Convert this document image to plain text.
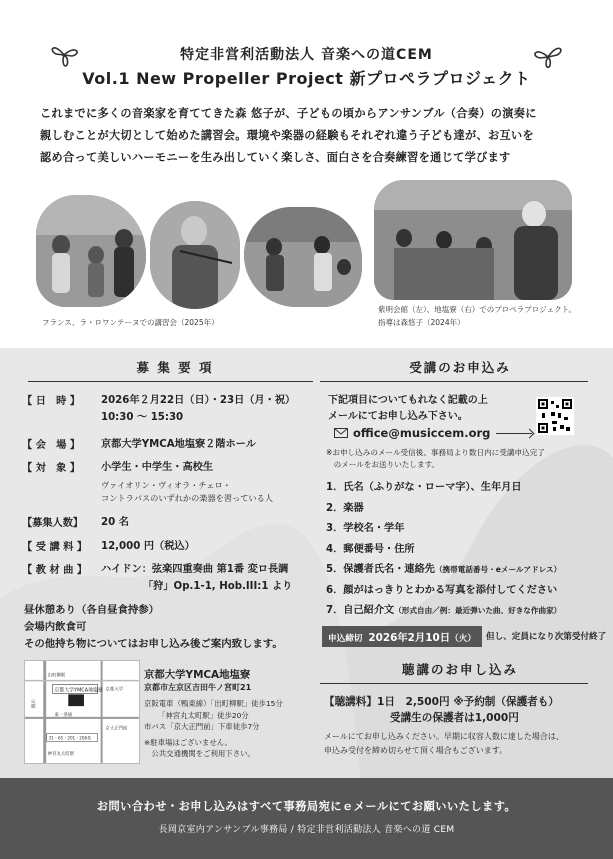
特定非営利活動法人 音楽への道CEM
Vol.1 New Propeller Project 新プロペラプロジェクト

これまでに多くの音楽家を育ててきた森 悠子が、子どもの頃からアンサンブル（合奏）の演奏に

親しむことが大切として始めた講習会。環境や楽器の経験もそれぞれ違う子ども達が、お互いを

認め合って美しいハーモニーを生み出していく楽しさ、面白さを合奏練習を通じて学びます

フランス、ラ・ロワンテーヌでの講習会（2025年）
紫明会館（左）、地塩寮（右）でのプロペラプロジェクト。
指導は森悠子（2024年）
募 集 要 項
【 日　時 】 2026年２月22日（日）・23日（月・祝）
10:30 ～ 15:30
【 会　場 】 京都大学YMCA地塩寮２階ホール
【 対　象 】 小学生・中学生・高校生
ヴァイオリン・ヴィオラ・チェロ・
コントラバスのいずれかの楽器を習っている人
【募集人数】 20 名
【 受 講 料 】 12,000 円（税込）
【 教 材 曲 】 ハイドン：弦楽四重奏曲 第1番 変ロ長調
「狩」Op.1-1, Hob.III:1 より
昼休憩あり（各自昼食持参）
会場内飲食可
その他持ち物についてはお申し込み後ご案内致します。
京都大学YMCA地塩寮
鴨川
出町柳駅
東一条通
京都大学
京大正門前
31・65・201・206系
神宮丸太町駅
京都大学YMCA地塩寮
京都市左京区吉田牛ノ宮町21
京阪電車（鴨東線）「出町柳駅」徒歩15分
「神宮丸太町駅」徒歩20分
市バス「京大正門前」下車徒歩7分
※駐車場はございません。
　公共交通機関をご利用下さい。
受講のお申込み
下記項目についてもれなく記載の上
メールにてお申し込み下さい。
office@musiccem.org
※お申し込みのメール受信後、事務局より数日内に受講申込完了
　のメールをお送りいたします。
1．氏名（ふりがな・ローマ字）、生年月日
2．楽器
3．学校名・学年
4．郵便番号・住所
5．保護者氏名・連絡先（携帯電話番号・eメールアドレス）
6．顔がはっきりとわかる写真を添付してください
7．自己紹介文（形式自由／例：最近弾いた曲、好きな作曲家）
申込締切 2026年2月10日（火）	但し、定員になり次第受付終了
聴講のお申し込み
【聴講料】1日　2,500円 ※予約制（保護者も）
受講生の保護者は1,000円
メールにてお申し込みください。早期に収容人数に達した場合は、
申込み受付を締め切らせて頂く場合もございます。
お問い合わせ・お申し込みはすべて事務局宛にｅメールにてお願いいたします。
長岡京室内アンサンブル事務局 / 特定非営利活動法人 音楽への道 CEM
